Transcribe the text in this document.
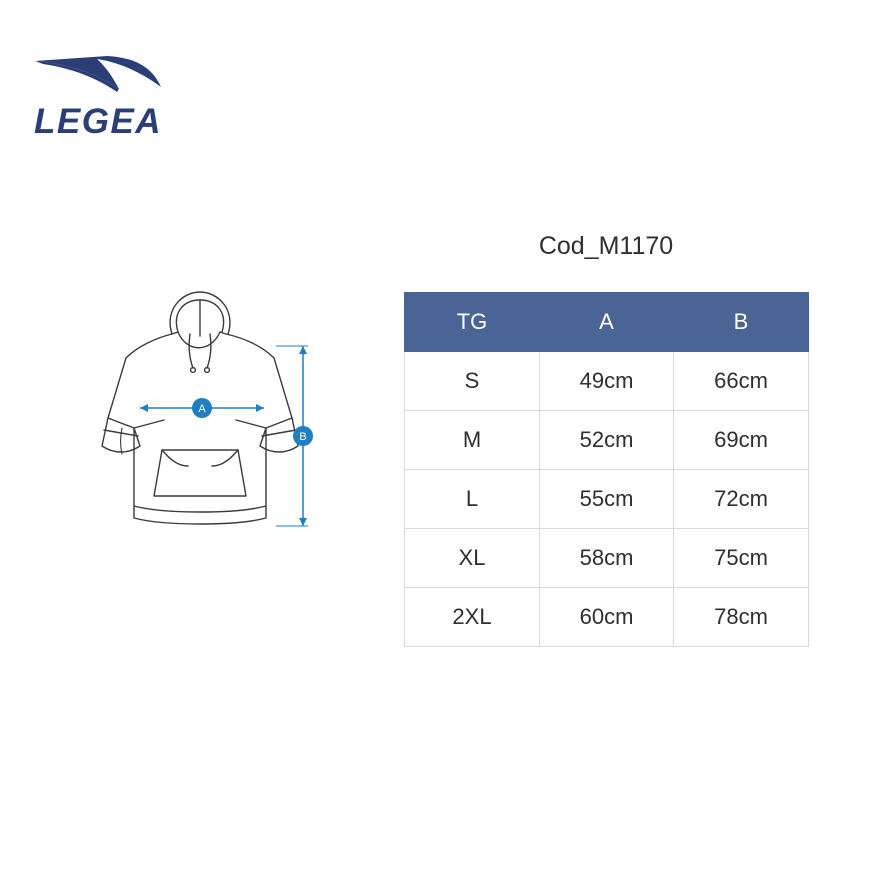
LEGEA
A
B
Cod_M1170
TG	A	B
S	49cm	66cm
M	52cm	69cm
L	55cm	72cm
XL	58cm	75cm
2XL	60cm	78cm
